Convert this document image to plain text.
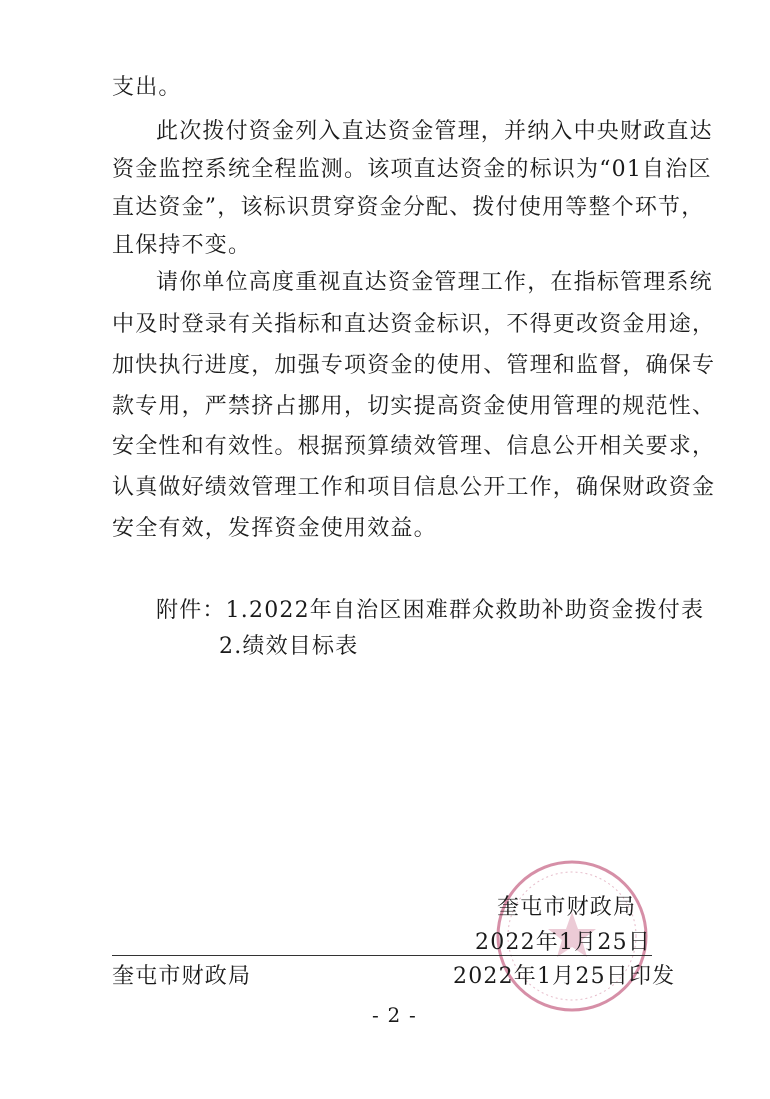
支出。
此次拨付资金列入直达资金管理，并纳入中央财政直达
资金监控系统全程监测。该项直达资金的标识为“01自治区
直达资金”，该标识贯穿资金分配、拨付使用等整个环节，
且保持不变。
请你单位高度重视直达资金管理工作，在指标管理系统
中及时登录有关指标和直达资金标识，不得更改资金用途，
加快执行进度，加强专项资金的使用、管理和监督，确保专
款专用，严禁挤占挪用，切实提高资金使用管理的规范性、
安全性和有效性。根据预算绩效管理、信息公开相关要求，
认真做好绩效管理工作和项目信息公开工作，确保财政资金
安全有效，发挥资金使用效益。
附件：1.2022年自治区困难群众救助补助资金拨付表
2.绩效目标表
奎屯市财政局
2022年1月25日
奎屯市财政局	2022年1月25日印发
- 2 -
